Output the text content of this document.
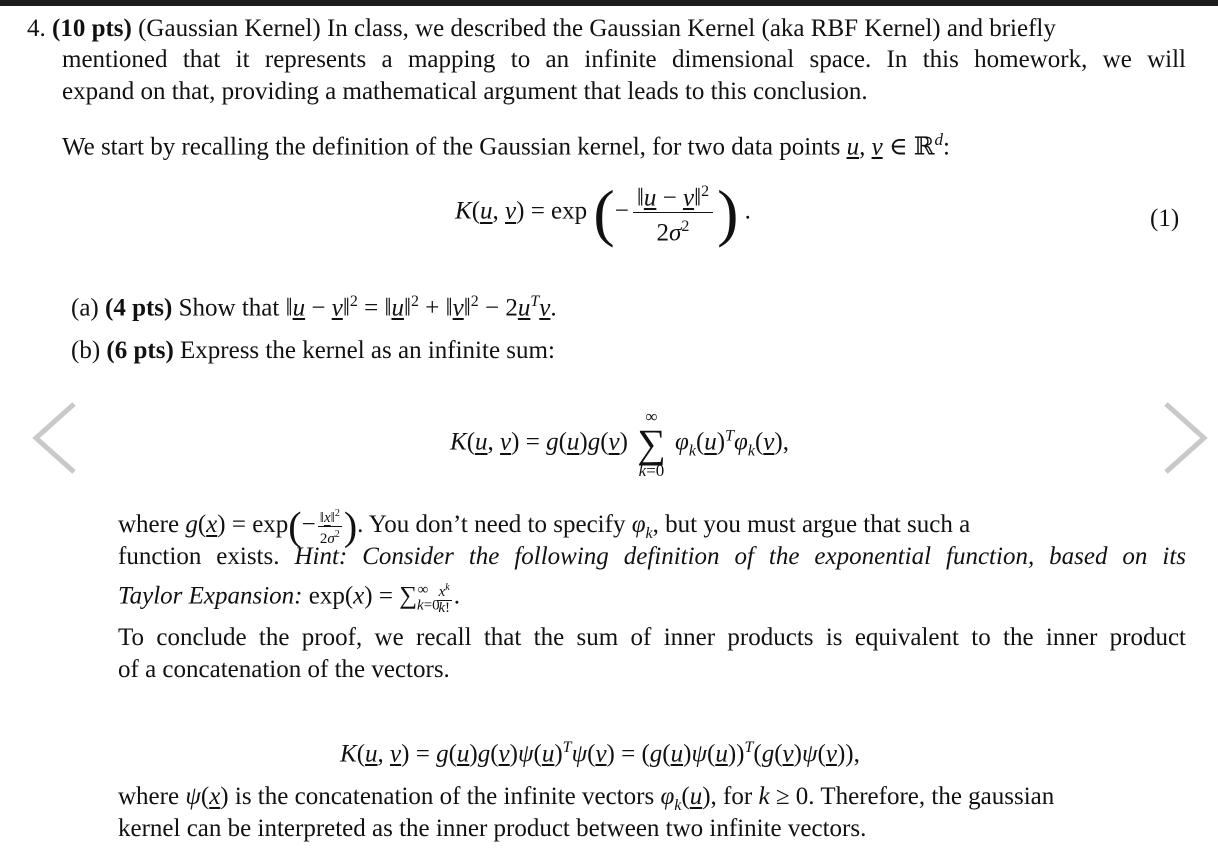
4. (10 pts) (Gaussian Kernel) In class, we described the Gaussian Kernel (aka RBF Kernel) and briefly
mentioned that it represents a mapping to an infinite dimensional space. In this homework, we will
expand on that, providing a mathematical argument that leads to this conclusion.
We start by recalling the definition of the Gaussian kernel, for two data points u, v ∈ ℝ$^d$:
K(u, v) = exp (− $\frac{‖u - v‖^2}{2\sigma^2}$ ) .	(1)
(a) (4 pts) Show that ‖u − v‖$^2$ = ‖u‖$^2$ + ‖v‖$^2$ − $2u^Tv$.
(b) (6 pts) Express the kernel as an infinite sum:
K(u, v) = g(u)g(v)
∞
∑
k=0
$\varphi_k(u)^T\varphi_k(v)$,
where $g(x) = \exp(- \frac{‖x‖^2}{2\sigma^2}$ ). You don’t need to specify $\varphi_k$, but you must argue that such a
function exists. Hint: Consider the following definition of the exponential function, based on its
Taylor Expansion: $\exp(x) = \sum_{k=0}^\infty \frac{x^k}{k!}$ .
To conclude the proof, we recall that the sum of inner products is equivalent to the inner product
of a concatenation of the vectors.
K(u, $v) = g(u)g(v)\psi(u)^T\psi(v) = (g(u)\psi(u))^T(g(v)\psi(v))$,
where ψ(x) is the concatenation of the infinite vectors $\varphi_k(u)$, for k ≥ 0. Therefore, the gaussian
kernel can be interpreted as the inner product between two infinite vectors.
